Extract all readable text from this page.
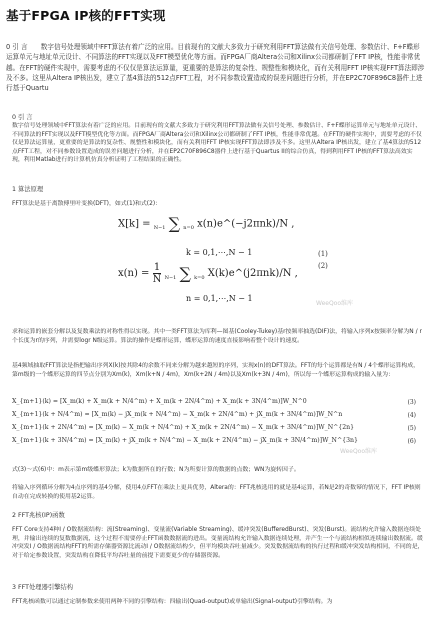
基于FPGA IP核的FFT实现
0 引 言　　数字信号处理领域中FFT算法有着广泛的应用。目前现有的文献大多致力于研究利用FFT算法做有关信号处理、参数估计、F+F蝶形运算单元与地址单元设计、不同算法的FFT实现以及FFT模型优化等方面。而FPGA厂商Altera公司和Xilinx公司都研制了FFT IP核，性能非常优越。在FFT的硬件实现中，需要考虑的不仅仅是算法运算量，更重要的是算法的复杂性、规整性和模块化，而有关利用FFT IP核实现FFT算法即涉及不多。这里从Altera IP核出发，建立了基4算法的512点FFT工程，对不同参数设置造成的误差问题进行分析，并在EP2C70F896C8器件上进行基于Quartu
0 引 言
数字信号处理领域中FFT算法有着广泛的应用。目前现有的文献大多致力于研究利用FFT算法做有关信号处理、参数估计、F+F蝶形运算单元与地址单元设计、不同算法的FFT实现以及FFT模型优化等方面。而FPGA厂商Altera公司和Xilinx公司都研制了FFT IP核，性能非常优越。在FFT的硬件实现中，需要考虑的不仅仅是算法运算量，更重要的是算法的复杂性、规整性和模块化，而有关利用FFT IP核实现FFT算法即涉及不多。这里从Altera IP核出发，建立了基4算法的512点FFT工程，对不同参数设置造成的误差问题进行分析，并在EP2C70F896C8器件上进行基于Quartus II的综合仿真，得到利用FFT IP核的FFT算法高效实现，利用Matlab进行的计算机仿真分析证明了工程结果的正确性。
1 算法原理
FFT算法是基于离散傅里叶变换(DFT)，如式(1)和式(2)：
X[k] = N−1 ∑ n=0 x(n)e^(−j2πnk)/N ,
k = 0,1,⋯,N − 1	(1)
$x(n) = \frac{1}{N} N-1$ ∑ k=0 X(k)e^(j2πnk)/N ,
n = 0,1,⋯,N − 1
(2)
WeeQoo维库
求和运算的嵌套分解以及复数乘法的对称性得以实现。其中一类FFT算法为库利—图基(Cooley-Tukey)基r按频率抽选(DIF)法，将输入序列x按频率分解为N / r个长度为r的序列，并需要logr N级运算。算法的操作是蝶形运算，蝶形运算的速度直接影响着整个设计的速度。
基4频域抽取FFT算法是指把输出序列X(k)按其除4的余数不同来分解为越来越短的序列，实现x(n)的DFT算法。FFT的每个运算都是有N / 4个蝶形运算构成，第m级的一个蝶形运算的四节点分别为Xm(k)，Xm(k+N / 4m)，Xm(k+2N / 4m)以及Xm(k+3N / 4m)，所以每一个蝶形运算构成的输入量为：
X_{m+1}(k) = [X_m(k) + X_m(k + N/4^m) + X_m(k + 2N/4^m) + X_m(k + 3N/4^m)]W_N^0	(3)
X_{m+1}(k + N/4^m) = [X_m(k) − jX_m(k + N/4^m) − X_m(k + 2N/4^m) + jX_m(k + 3N/4^m)]W_N^n	(4)
X_{m+1}(k + 2N/4^m) = [X_m(k) − X_m(k + N/4^m) + X_m(k + 2N/4^m) − X_m(k + 3N/4^m)]W_N^{2n}	(5)
X_{m+1}(k + 3N/4^m) = [X_m(k) + jX_m(k + N/4^m) − X_m(k + 2N/4^m) − jX_m(k + 3N/4^m)]W_N^{3n}	(6)
WeeQoo维库
式(3)～式(6)中：m表示第m级蝶形算法；k为数据所在的行数；N为所要计算的数据的点数；WN为旋转因子。
将输入序列循环分解为4点序列的基4分解，使用4点FFT在乘法上更具优势，Altera的：FFT兆核选用的就是基4运算，若N是2的奇数幂的情况下，FFT IP核则自动在完成转换的使用基2运算。
2 FFT兆核(IP)函数
FFT Core支持4种I / O数据流结构：流(Streaming)、变量流(Variable Streaming)、缓冲突发(BufferedBurst)、突发(Burst)。流结构允许输入数据连续处理，并输出连续的复数数据流，这个过程不需要停止FFT函数数据流的进出。变量流结构允许输入数据连续处理，并产生一个与流结构相似连续输出数据流。缓冲突发I / O数据流结构FFT的所需存储器资源比流动I / O数据流结构少，但平均模块吞吐量减少。突发数据流结构的执行过程和缓冲突发结构相同，不同的是，对于给定参数设置，突发结构在降低平均吞吐量的前提下需要更少的存储器资源。
3 FFT处理器引擎结构
FFT兆核函数可以通过定制参数来使用两种不同的引擎结构：四输出(Quad-output)或单输出(Signal-output)引擎结构。为
